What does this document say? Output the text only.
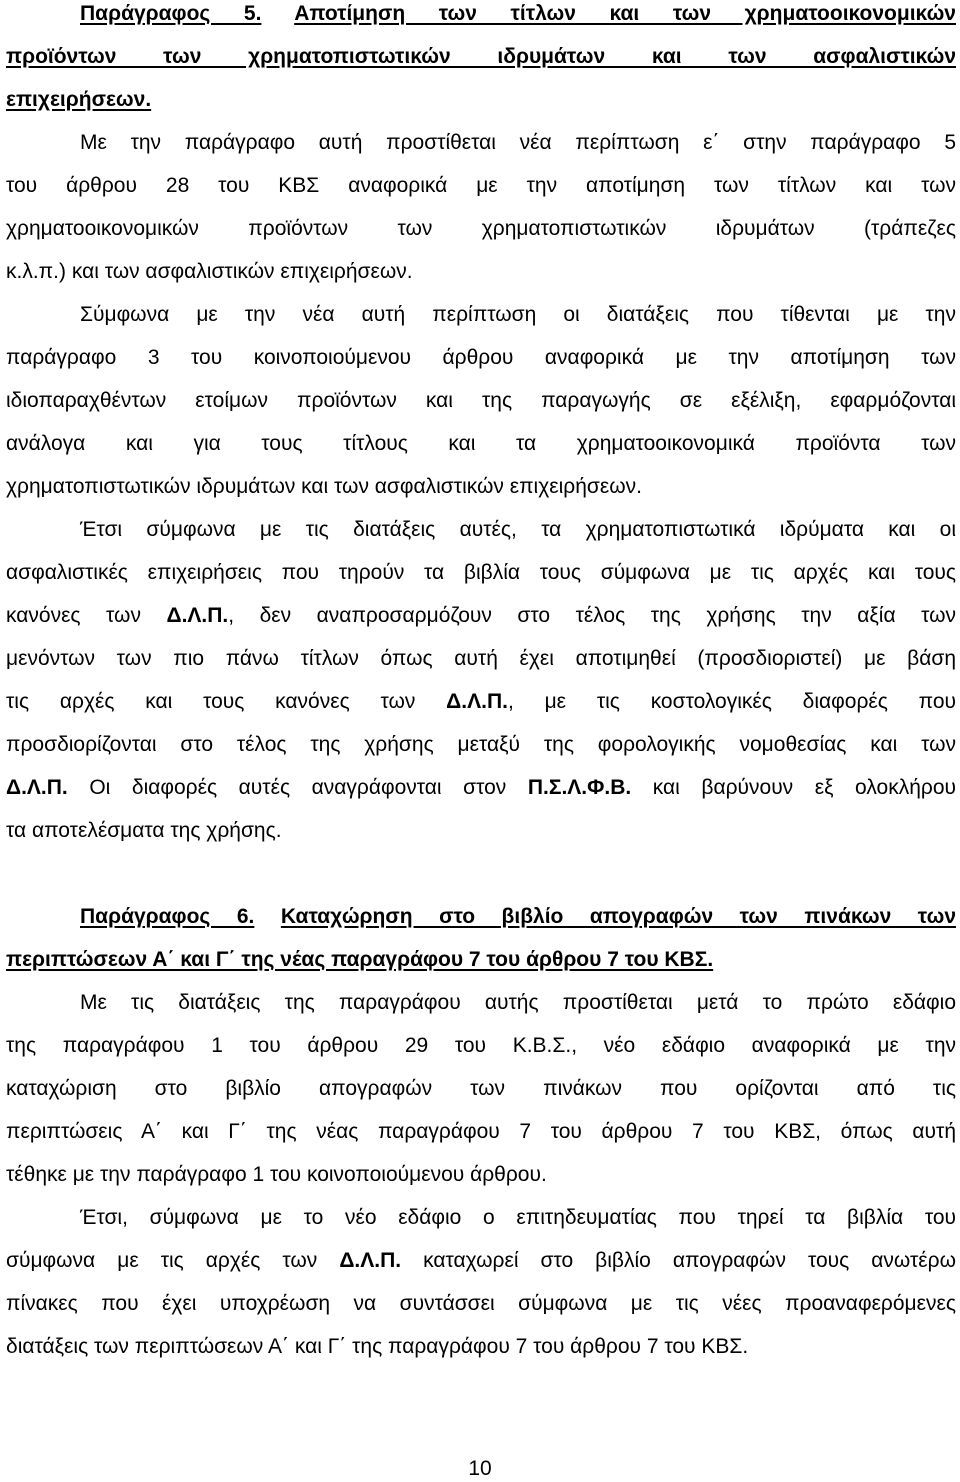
Παράγραφος 5. Αποτίμηση των τίτλων και των χρηματοοικονομικών
προϊόντων των χρηματοπιστωτικών ιδρυμάτων και των ασφαλιστικών
επιχειρήσεων.
Με την παράγραφο αυτή προστίθεται νέα περίπτωση ε΄ στην παράγραφο 5
του άρθρου 28 του ΚΒΣ αναφορικά με την αποτίμηση των τίτλων και των
χρηματοοικονομικών προϊόντων των χρηματοπιστωτικών ιδρυμάτων (τράπεζες
κ.λ.π.) και των ασφαλιστικών επιχειρήσεων.
Σύμφωνα με την νέα αυτή περίπτωση οι διατάξεις που τίθενται με την
παράγραφο 3 του κοινοποιούμενου άρθρου αναφορικά με την αποτίμηση των
ιδιοπαραχθέντων ετοίμων προϊόντων και της παραγωγής σε εξέλιξη, εφαρμόζονται
ανάλογα και για τους τίτλους και τα χρηματοοικονομικά προϊόντα των
χρηματοπιστωτικών ιδρυμάτων και των ασφαλιστικών επιχειρήσεων.
Έτσι σύμφωνα με τις διατάξεις αυτές, τα χρηματοπιστωτικά ιδρύματα και οι
ασφαλιστικές επιχειρήσεις που τηρούν τα βιβλία τους σύμφωνα με τις αρχές και τους
κανόνες των Δ.Λ.Π., δεν αναπροσαρμόζουν στο τέλος της χρήσης την αξία των
μενόντων των πιο πάνω τίτλων όπως αυτή έχει αποτιμηθεί (προσδιοριστεί) με βάση
τις αρχές και τους κανόνες των Δ.Λ.Π., με τις κοστολογικές διαφορές που
προσδιορίζονται στο τέλος της χρήσης μεταξύ της φορολογικής νομοθεσίας και των
Δ.Λ.Π. Οι διαφορές αυτές αναγράφονται στον Π.Σ.Λ.Φ.Β. και βαρύνουν εξ ολοκλήρου
τα αποτελέσματα της χρήσης.
Παράγραφος 6. Καταχώρηση στο βιβλίο απογραφών των πινάκων των
περιπτώσεων Α΄ και Γ΄ της νέας παραγράφου 7 του άρθρου 7 του ΚΒΣ.
Με τις διατάξεις της παραγράφου αυτής προστίθεται μετά το πρώτο εδάφιο
της παραγράφου 1 του άρθρου 29 του Κ.Β.Σ., νέο εδάφιο αναφορικά με την
καταχώριση στο βιβλίο απογραφών των πινάκων που ορίζονται από τις
περιπτώσεις Α΄ και Γ΄ της νέας παραγράφου 7 του άρθρου 7 του ΚΒΣ, όπως αυτή
τέθηκε με την παράγραφο 1 του κοινοποιούμενου άρθρου.
Έτσι, σύμφωνα με το νέο εδάφιο ο επιτηδευματίας που τηρεί τα βιβλία του
σύμφωνα με τις αρχές των Δ.Λ.Π. καταχωρεί στο βιβλίο απογραφών τους ανωτέρω
πίνακες που έχει υποχρέωση να συντάσσει σύμφωνα με τις νέες προαναφερόμενες
διατάξεις των περιπτώσεων Α΄ και Γ΄ της παραγράφου 7 του άρθρου 7 του ΚΒΣ.
10
